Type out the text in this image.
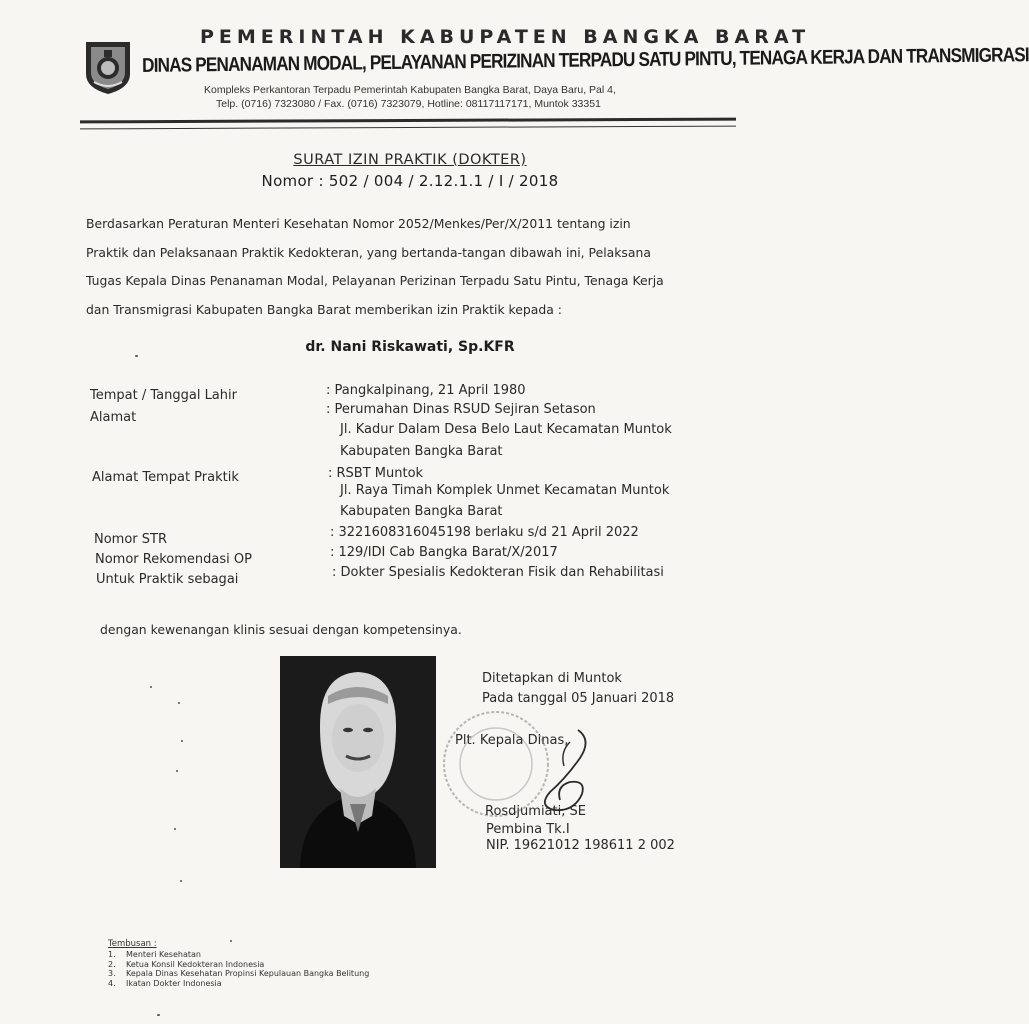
PEMERINTAH KABUPATEN BANGKA BARAT
DINAS PENANAMAN MODAL, PELAYANAN PERIZINAN TERPADU SATU PINTU, TENAGA KERJA DAN TRANSMIGRASI
Kompleks Perkantoran Terpadu Pemerintah Kabupaten Bangka Barat, Daya Baru, Pal 4,
Telp. (0716) 7323080 / Fax. (0716) 7323079, Hotline: 08117117171, Muntok 33351
SURAT IZIN PRAKTIK (DOKTER)
Nomor : 502 / 004 / 2.12.1.1 / I / 2018
Berdasarkan Peraturan Menteri Kesehatan Nomor 2052/Menkes/Per/X/2011 tentang izin
Praktik dan Pelaksanaan Praktik Kedokteran, yang bertanda-tangan dibawah ini, Pelaksana
Tugas Kepala Dinas Penanaman Modal, Pelayanan Perizinan Terpadu Satu Pintu, Tenaga Kerja
dan Transmigrasi Kabupaten Bangka Barat memberikan izin Praktik kepada :
dr. Nani Riskawati, Sp.KFR
Tempat / Tanggal Lahir	: Pangkalpinang, 21 April 1980
Alamat
: Perumahan Dinas RSUD Sejiran Setason
Jl. Kadur Dalam Desa Belo Laut Kecamatan Muntok
Kabupaten Bangka Barat
Alamat Tempat Praktik	: RSBT Muntok
Jl. Raya Timah Komplek Unmet Kecamatan Muntok
Kabupaten Bangka Barat
Nomor STR	: 3221608316045198 berlaku s/d 21 April 2022
Nomor Rekomendasi OP	: 129/IDI Cab Bangka Barat/X/2017
Untuk Praktik sebagai	: Dokter Spesialis Kedokteran Fisik dan Rehabilitasi
dengan kewenangan klinis sesuai dengan kompetensinya.
Ditetapkan di Muntok
Pada tanggal 05 Januari 2018
Plt. Kepala Dinas,
Rosdjumiati, SE
Pembina Tk.I
NIP. 19621012 198611 2 002
Tembusan :
1. Menteri Kesehatan
2. Ketua Konsil Kedokteran Indonesia
3. Kepala Dinas Kesehatan Propinsi Kepulauan Bangka Belitung
4. Ikatan Dokter Indonesia
